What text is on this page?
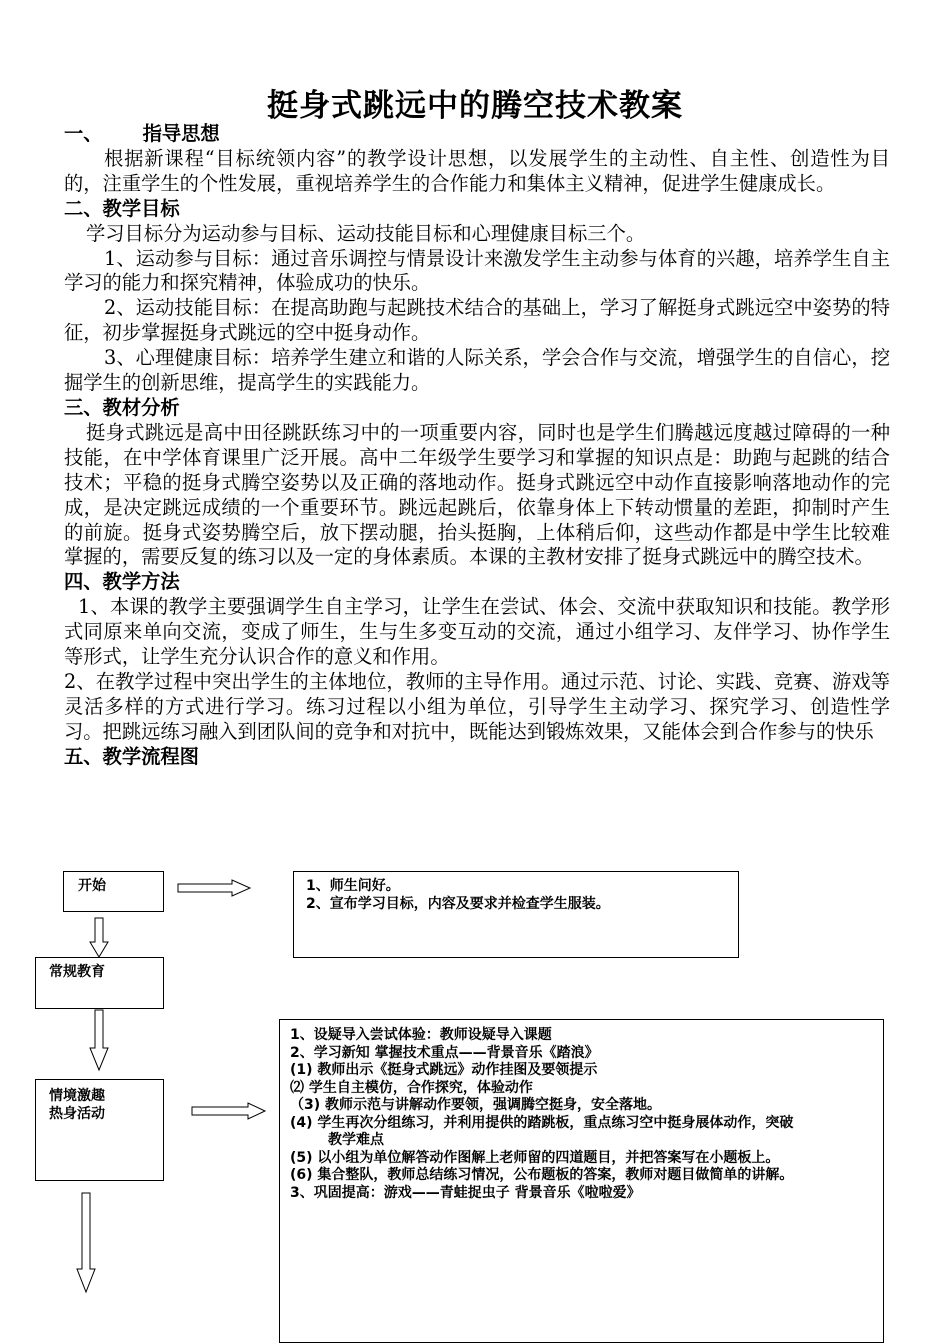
挺身式跳远中的腾空技术教案

一、 指导思想

根据新课程“目标统领内容”的教学设计思想，以发展学生的主动性、自主性、创造性为目的，注重学生的个性发展，重视培养学生的合作能力和集体主义精神，促进学生健康成长。

二、教学目标

学习目标分为运动参与目标、运动技能目标和心理健康目标三个。

1、运动参与目标：通过音乐调控与情景设计来激发学生主动参与体育的兴趣，培养学生自主学习的能力和探究精神，体验成功的快乐。

2、运动技能目标：在提高助跑与起跳技术结合的基础上，学习了解挺身式跳远空中姿势的特征，初步掌握挺身式跳远的空中挺身动作。

3、心理健康目标：培养学生建立和谐的人际关系，学会合作与交流，增强学生的自信心，挖掘学生的创新思维，提高学生的实践能力。

三、教材分析

挺身式跳远是高中田径跳跃练习中的一项重要内容，同时也是学生们腾越远度越过障碍的一种技能，在中学体育课里广泛开展。高中二年级学生要学习和掌握的知识点是：助跑与起跳的结合技术；平稳的挺身式腾空姿势以及正确的落地动作。挺身式跳远空中动作直接影响落地动作的完成，是决定跳远成绩的一个重要环节。跳远起跳后，依靠身体上下转动惯量的差距，抑制时产生的前旋。挺身式姿势腾空后，放下摆动腿，抬头挺胸，上体稍后仰，这些动作都是中学生比较难掌握的，需要反复的练习以及一定的身体素质。本课的主教材安排了挺身式跳远中的腾空技术。

四、教学方法

1、本课的教学主要强调学生自主学习，让学生在尝试、体会、交流中获取知识和技能。教学形式同原来单向交流，变成了师生，生与生多变互动的交流，通过小组学习、友伴学习、协作学生等形式，让学生充分认识合作的意义和作用。

2、在教学过程中突出学生的主体地位，教师的主导作用。通过示范、讨论、实践、竞赛、游戏等灵活多样的方式进行学习。练习过程以小组为单位，引导学生主动学习、探究学习、创造性学习。把跳远练习融入到团队间的竞争和对抗中，既能达到锻炼效果，又能体会到合作参与的快乐

五、教学流程图

开始
常规教育
情境激趣
热身活动
1、师生问好。
2、宣布学习目标，内容及要求并检查学生服装。
1、设疑导入尝试体验：教师设疑导入课题
2、学习新知 掌握技术重点——背景音乐《踏浪》
(1) 教师出示《挺身式跳远》动作挂图及要领提示
⑵ 学生自主模仿，合作探究，体验动作
（3) 教师示范与讲解动作要领，强调腾空挺身，安全落地。
(4) 学生再次分组练习，并利用提供的踏跳板，重点练习空中挺身展体动作，突破
教学难点
(5) 以小组为单位解答动作图解上老师留的四道题目，并把答案写在小题板上。
(6) 集合整队，教师总结练习情况，公布题板的答案，教师对题目做简单的讲解。
3、巩固提高：游戏——青蛙捉虫子 背景音乐《啦啦爱》
